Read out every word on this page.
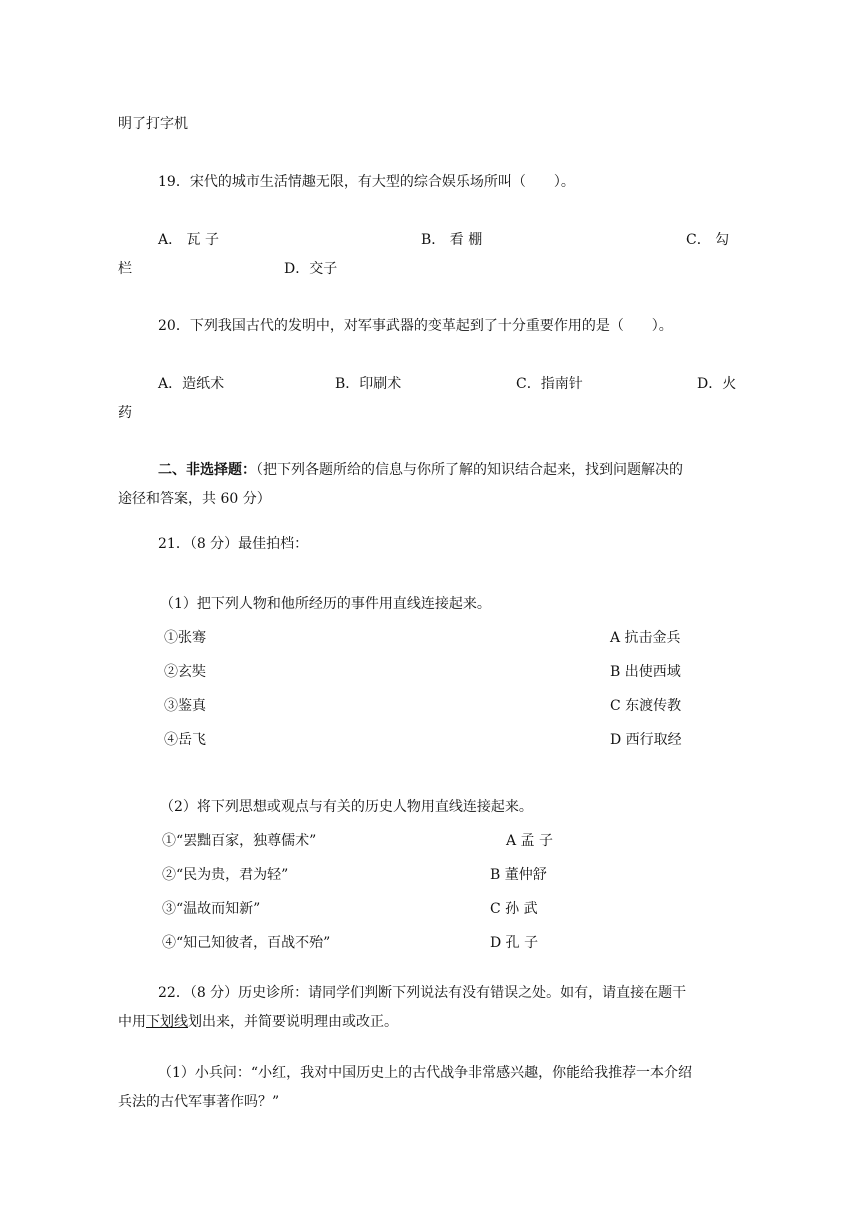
明了打字机
19．宋代的城市生活情趣无限，有大型的综合娱乐场所叫（　　）。
A． 瓦 子	B． 看 棚	C． 勾
栏	D．交子
20．下列我国古代的发明中，对军事武器的变革起到了十分重要作用的是（　　）。
A．造纸术	B．印刷术	C．指南针	D．火
药
二、非选择题：（把下列各题所给的信息与你所了解的知识结合起来，找到问题解决的
途径和答案，共 60 分）
21．（8 分）最佳拍档：
（1）把下列人物和他所经历的事件用直线连接起来。
①张骞	A 抗击金兵
②玄奘	B 出使西域
③鉴真	C 东渡传教
④岳飞	D 西行取经
（2）将下列思想或观点与有关的历史人物用直线连接起来。
①“罢黜百家，独尊儒术”	A 孟 子
②“民为贵，君为轻”	B 董仲舒
③“温故而知新”	C 孙 武
④“知己知彼者，百战不殆”	D 孔 子
22．（8 分）历史诊所：请同学们判断下列说法有没有错误之处。如有，请直接在题干
中用下划线划出来，并简要说明理由或改正。
（1）小兵问：“小红，我对中国历史上的古代战争非常感兴趣，你能给我推荐一本介绍
兵法的古代军事著作吗？”
